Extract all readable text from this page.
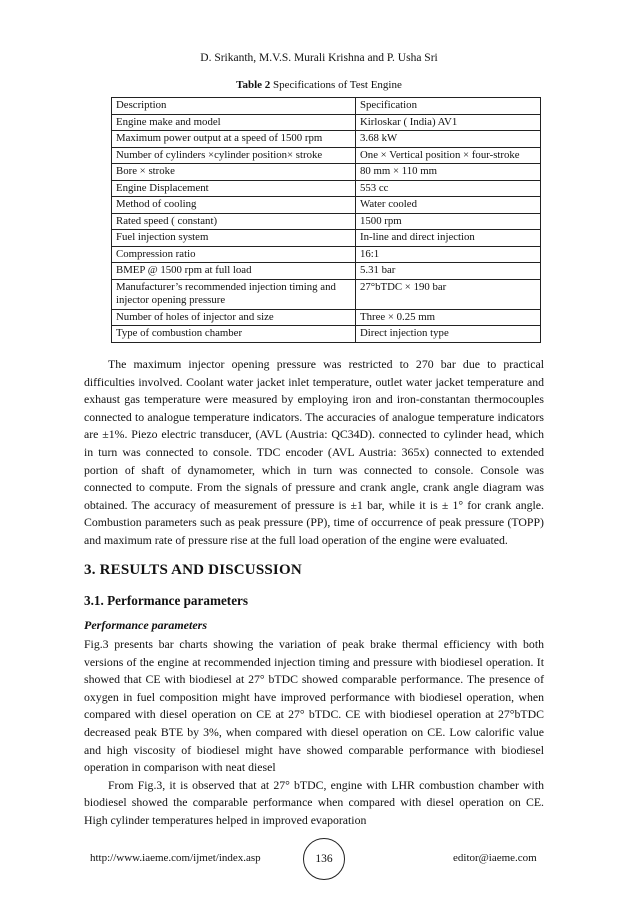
D. Srikanth, M.V.S. Murali Krishna and P. Usha Sri
Table 2 Specifications of Test Engine
Description	Specification
Engine make and model	Kirloskar ( India) AV1
Maximum power output at a speed of 1500 rpm	3.68 kW
Number of cylinders ×cylinder position× stroke	One × Vertical position × four-stroke
Bore × stroke	80 mm × 110 mm
Engine Displacement	553 cc
Method of cooling	Water cooled
Rated speed ( constant)	1500 rpm
Fuel injection system	In-line and direct injection
Compression ratio	16:1
BMEP @ 1500 rpm at full load	5.31 bar
Manufacturer’s recommended injection timing and injector opening pressure	27°bTDC × 190 bar
Number of holes of injector and size	Three × 0.25 mm
Type of combustion chamber	Direct injection type

The maximum injector opening pressure was restricted to 270 bar due to practical difficulties involved. Coolant water jacket inlet temperature, outlet water jacket temperature and exhaust gas temperature were measured by employing iron and iron-constantan thermocouples connected to analogue temperature indicators. The accuracies of analogue temperature indicators are ±1%. Piezo electric transducer, (AVL (Austria: QC34D). connected to cylinder head, which in turn was connected to console. TDC encoder (AVL Austria: 365x) connected to extended portion of shaft of dynamometer, which in turn was connected to console. Console was connected to compute. From the signals of pressure and crank angle, crank angle diagram was obtained. The accuracy of measurement of pressure is ±1 bar, while it is ± 1° for crank angle. Combustion parameters such as peak pressure (PP), time of occurrence of peak pressure (TOPP) and maximum rate of pressure rise at the full load operation of the engine were evaluated.

3. RESULTS AND DISCUSSION
3.1. Performance parameters
Performance parameters

Fig.3 presents bar charts showing the variation of peak brake thermal efficiency with both versions of the engine at recommended injection timing and pressure with biodiesel operation. It showed that CE with biodiesel at 27° bTDC showed comparable performance. The presence of oxygen in fuel composition might have improved performance with biodiesel operation, when compared with diesel operation on CE at 27° bTDC. CE with biodiesel operation at 27°bTDC decreased peak BTE by 3%, when compared with diesel operation on CE. Low calorific value and high viscosity of biodiesel might have showed comparable performance with biodiesel operation in comparison with neat diesel

From Fig.3, it is observed that at 27° bTDC, engine with LHR combustion chamber with biodiesel showed the comparable performance when compared with diesel operation on CE. High cylinder temperatures helped in improved evaporation

http://www.iaeme.com/ijmet/index.asp	136	editor@iaeme.com
